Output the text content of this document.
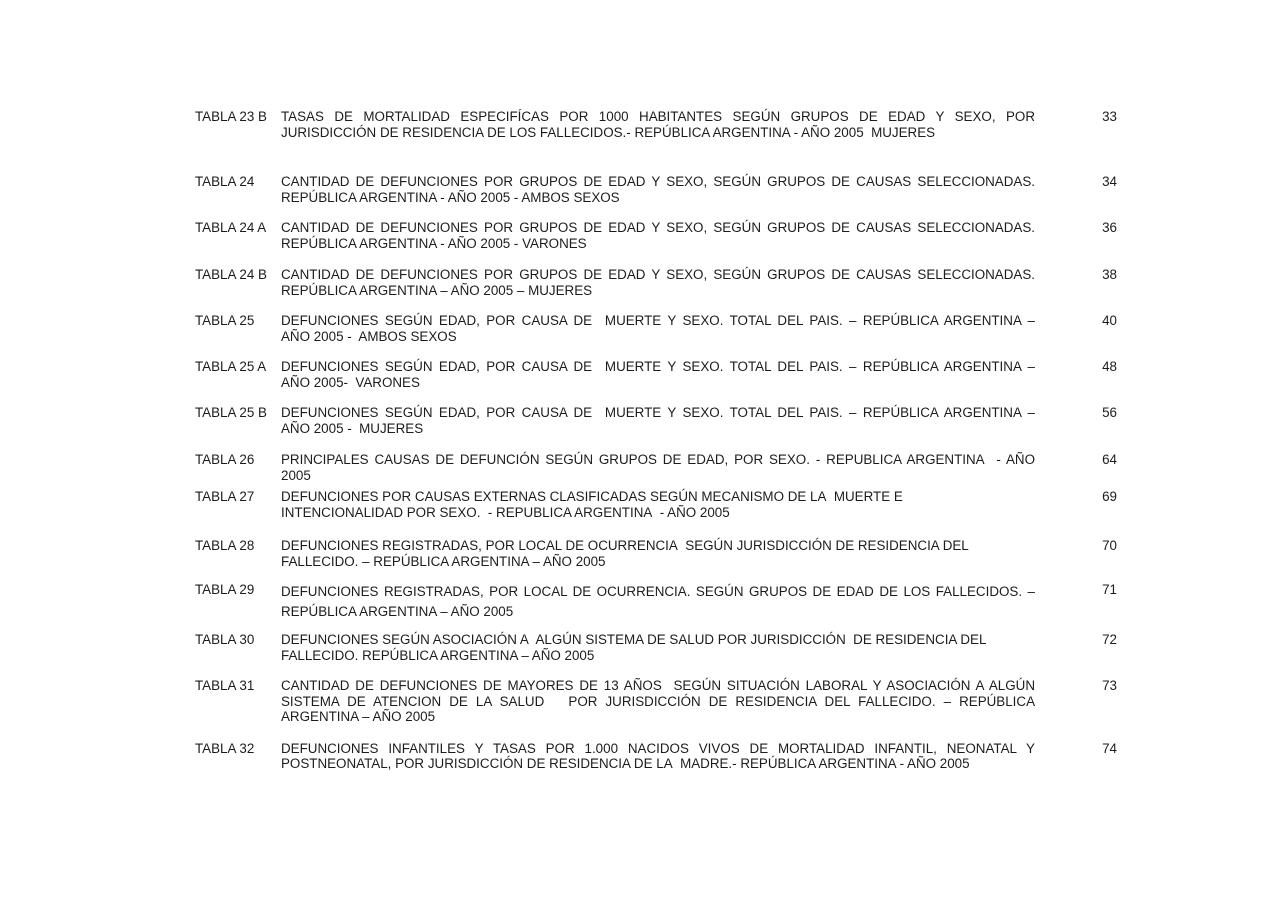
TABLA 23 B	TASAS DE MORTALIDAD ESPECIFÍCAS POR 1000 HABITANTES SEGÚN GRUPOS DE EDAD Y SEXO, POR
JURISDICCIÓN DE RESIDENCIA DE LOS FALLECIDOS.- REPÚBLICA ARGENTINA - AÑO 2005  MUJERES
33
TABLA 24	CANTIDAD DE DEFUNCIONES POR GRUPOS DE EDAD Y SEXO, SEGÚN GRUPOS DE CAUSAS SELECCIONADAS.
REPÚBLICA ARGENTINA - AÑO 2005 - AMBOS SEXOS
34
TABLA 24 A	CANTIDAD DE DEFUNCIONES POR GRUPOS DE EDAD Y SEXO, SEGÚN GRUPOS DE CAUSAS SELECCIONADAS.
REPÚBLICA ARGENTINA - AÑO 2005 - VARONES
36
TABLA 24 B	CANTIDAD DE DEFUNCIONES POR GRUPOS DE EDAD Y SEXO, SEGÚN GRUPOS DE CAUSAS SELECCIONADAS.
REPÚBLICA ARGENTINA – AÑO 2005 – MUJERES
38
TABLA 25	DEFUNCIONES SEGÚN EDAD, POR CAUSA DE  MUERTE Y SEXO. TOTAL DEL PAIS. – REPÚBLICA ARGENTINA –
AÑO 2005 -  AMBOS SEXOS
40
TABLA 25 A	DEFUNCIONES SEGÚN EDAD, POR CAUSA DE  MUERTE Y SEXO. TOTAL DEL PAIS. – REPÚBLICA ARGENTINA –
AÑO 2005-  VARONES
48
TABLA 25 B	DEFUNCIONES SEGÚN EDAD, POR CAUSA DE  MUERTE Y SEXO. TOTAL DEL PAIS. – REPÚBLICA ARGENTINA –
AÑO 2005 -  MUJERES
56
TABLA 26	PRINCIPALES CAUSAS DE DEFUNCIÓN SEGÚN GRUPOS DE EDAD, POR SEXO. - REPUBLICA ARGENTINA  - AÑO
2005
64
TABLA 27	DEFUNCIONES POR CAUSAS EXTERNAS CLASIFICADAS SEGÚN MECANISMO DE LA  MUERTE E
INTENCIONALIDAD POR SEXO.  - REPUBLICA ARGENTINA  - AÑO 2005
69
TABLA 28	DEFUNCIONES REGISTRADAS, POR LOCAL DE OCURRENCIA  SEGÚN JURISDICCIÓN DE RESIDENCIA DEL
FALLECIDO. – REPÚBLICA ARGENTINA – AÑO 2005
70
TABLA 29	DEFUNCIONES REGISTRADAS, POR LOCAL DE OCURRENCIA. SEGÚN GRUPOS DE EDAD DE LOS FALLECIDOS. –
REPÚBLICA ARGENTINA – AÑO 2005
71
TABLA 30	DEFUNCIONES SEGÚN ASOCIACIÓN A  ALGÚN SISTEMA DE SALUD POR JURISDICCIÓN  DE RESIDENCIA DEL
FALLECIDO. REPÚBLICA ARGENTINA – AÑO 2005
72
TABLA 31	CANTIDAD DE DEFUNCIONES DE MAYORES DE 13 AÑOS  SEGÚN SITUACIÓN LABORAL Y ASOCIACIÓN A ALGÚN
SISTEMA DE ATENCION DE LA SALUD   POR JURISDICCIÓN DE RESIDENCIA DEL FALLECIDO. – REPÚBLICA
ARGENTINA – AÑO 2005
73
TABLA 32	DEFUNCIONES INFANTILES Y TASAS POR 1.000 NACIDOS VIVOS DE MORTALIDAD INFANTIL, NEONATAL Y
POSTNEONATAL, POR JURISDICCIÓN DE RESIDENCIA DE LA  MADRE.- REPÚBLICA ARGENTINA - AÑO 2005
74
